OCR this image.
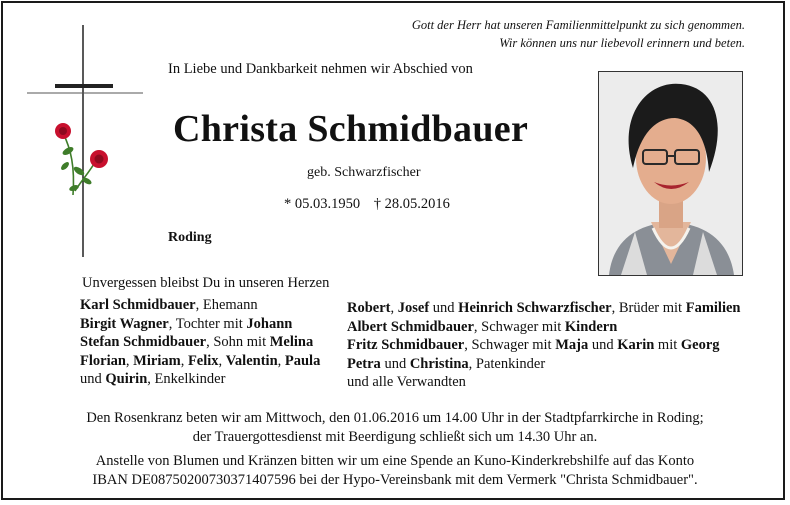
Gott der Herr hat unseren Familienmittelpunkt zu sich genommen.
Wir können uns nur liebevoll erinnern und beten.
In Liebe und Dankbarkeit nehmen wir Abschied von
Christa Schmidbauer
geb. Schwarzfischer
* 05.03.1950 † 28.05.2016
Roding
Unvergessen bleibst Du in unseren Herzen
Karl Schmidbauer, Ehemann
Birgit Wagner, Tochter mit Johann
Stefan Schmidbauer, Sohn mit Melina
Florian, Miriam, Felix, Valentin, Paula
und Quirin, Enkelkinder
Robert, Josef und Heinrich Schwarzfischer, Brüder mit Familien
Albert Schmidbauer, Schwager mit Kindern
Fritz Schmidbauer, Schwager mit Maja und Karin mit Georg
Petra und Christina, Patenkinder
und alle Verwandten
Den Rosenkranz beten wir am Mittwoch, den 01.06.2016 um 14.00 Uhr in der Stadtpfarrkirche in Roding;
der Trauergottesdienst mit Beerdigung schließt sich um 14.30 Uhr an.
Anstelle von Blumen und Kränzen bitten wir um eine Spende an Kuno-Kinderkrebshilfe auf das Konto
IBAN DE08750200730371407596 bei der Hypo-Vereinsbank mit dem Vermerk "Christa Schmidbauer".
